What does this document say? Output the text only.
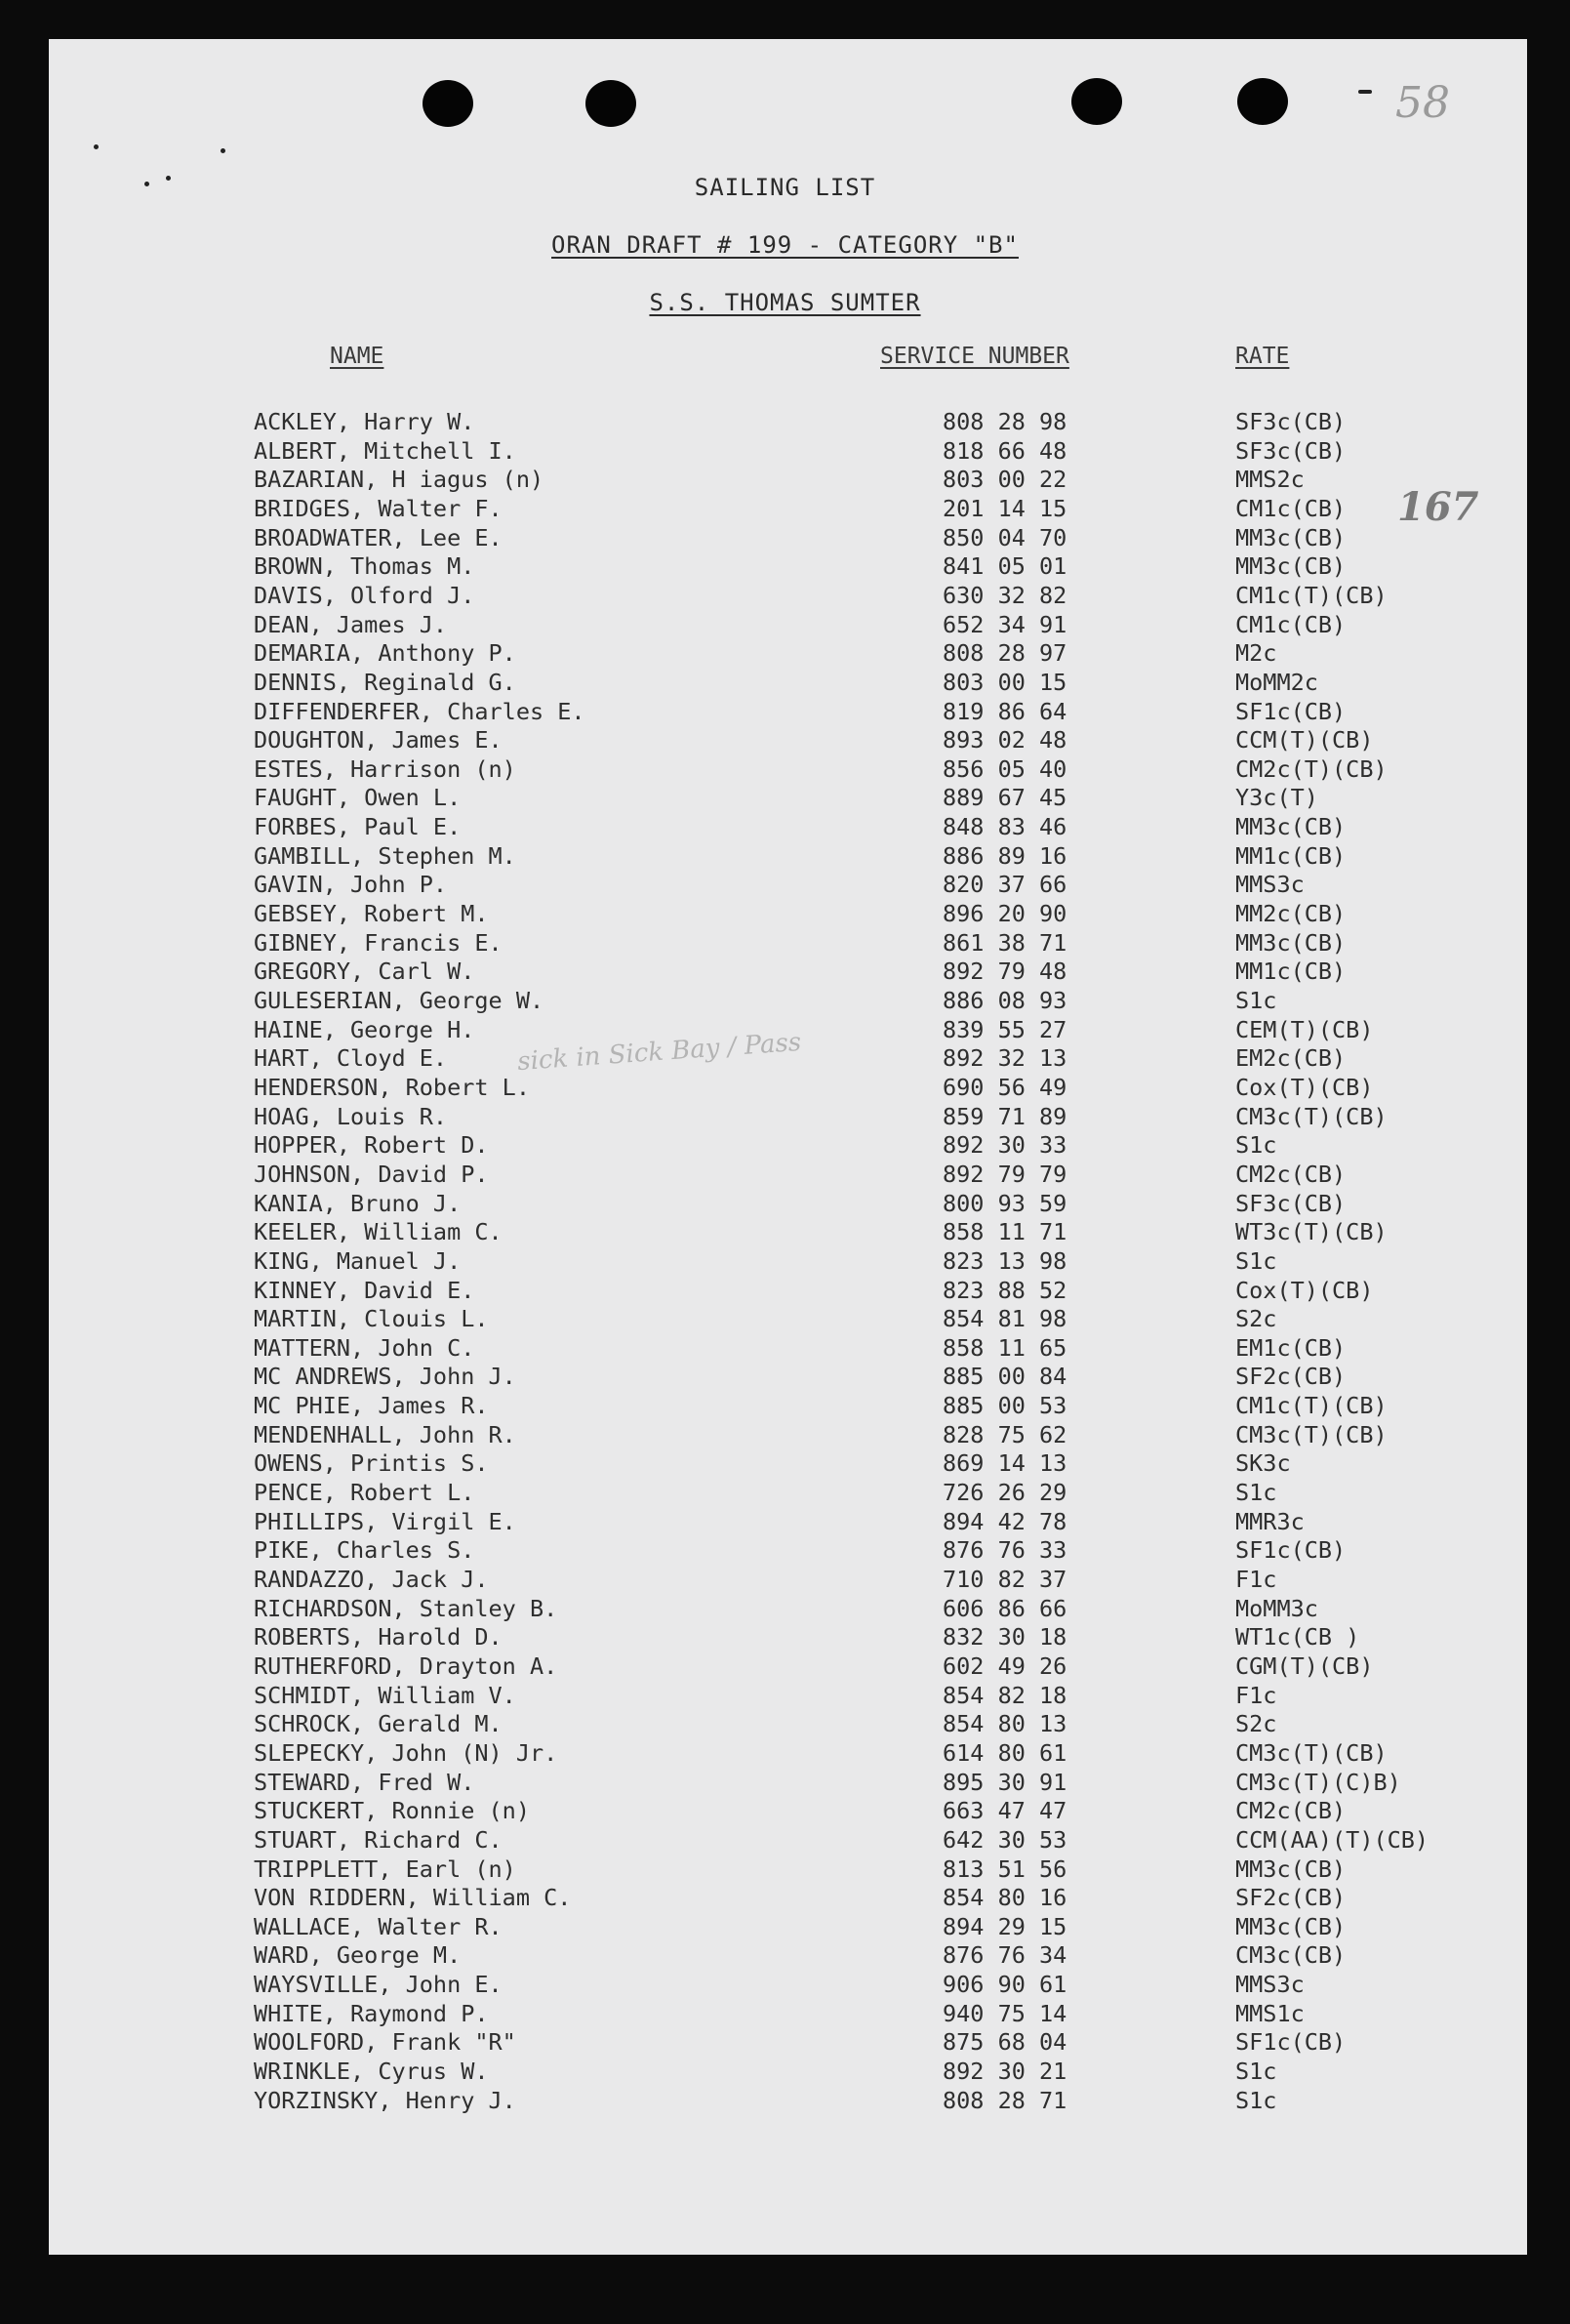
58
167
SAILING LIST
ORAN DRAFT # 199 - CATEGORY "B"
S.S. THOMAS SUMTER
NAME	SERVICE NUMBER	RATE
sick in Sick Bay / Pass
ACKLEY, Harry W.	808 28 98	SF3c(CB)
ALBERT, Mitchell I.	818 66 48	SF3c(CB)
BAZARIAN, H iagus (n)	803 00 22	MMS2c
BRIDGES, Walter F.	201 14 15	CM1c(CB)
BROADWATER, Lee E.	850 04 70	MM3c(CB)
BROWN, Thomas M.	841 05 01	MM3c(CB)
DAVIS, Olford J.	630 32 82	CM1c(T)(CB)
DEAN, James J.	652 34 91	CM1c(CB)
DEMARIA, Anthony P.	808 28 97	M2c
DENNIS, Reginald G.	803 00 15	MoMM2c
DIFFENDERFER, Charles E.	819 86 64	SF1c(CB)
DOUGHTON, James E.	893 02 48	CCM(T)(CB)
ESTES, Harrison (n)	856 05 40	CM2c(T)(CB)
FAUGHT, Owen L.	889 67 45	Y3c(T)
FORBES, Paul E.	848 83 46	MM3c(CB)
GAMBILL, Stephen M.	886 89 16	MM1c(CB)
GAVIN, John P.	820 37 66	MMS3c
GEBSEY, Robert M.	896 20 90	MM2c(CB)
GIBNEY, Francis E.	861 38 71	MM3c(CB)
GREGORY, Carl W.	892 79 48	MM1c(CB)
GULESERIAN, George W.	886 08 93	S1c
HAINE, George H.	839 55 27	CEM(T)(CB)
HART, Cloyd E.	892 32 13	EM2c(CB)
HENDERSON, Robert L.	690 56 49	Cox(T)(CB)
HOAG, Louis R.	859 71 89	CM3c(T)(CB)
HOPPER, Robert D.	892 30 33	S1c
JOHNSON, David P.	892 79 79	CM2c(CB)
KANIA, Bruno J.	800 93 59	SF3c(CB)
KEELER, William C.	858 11 71	WT3c(T)(CB)
KING, Manuel J.	823 13 98	S1c
KINNEY, David E.	823 88 52	Cox(T)(CB)
MARTIN, Clouis L.	854 81 98	S2c
MATTERN, John C.	858 11 65	EM1c(CB)
MC ANDREWS, John J.	885 00 84	SF2c(CB)
MC PHIE, James R.	885 00 53	CM1c(T)(CB)
MENDENHALL, John R.	828 75 62	CM3c(T)(CB)
OWENS, Printis S.	869 14 13	SK3c
PENCE, Robert L.	726 26 29	S1c
PHILLIPS, Virgil E.	894 42 78	MMR3c
PIKE, Charles S.	876 76 33	SF1c(CB)
RANDAZZO, Jack J.	710 82 37	F1c
RICHARDSON, Stanley B.	606 86 66	MoMM3c
ROBERTS, Harold D.	832 30 18	WT1c(CB )
RUTHERFORD, Drayton A.	602 49 26	CGM(T)(CB)
SCHMIDT, William V.	854 82 18	F1c
SCHROCK, Gerald M.	854 80 13	S2c
SLEPECKY, John (N) Jr.	614 80 61	CM3c(T)(CB)
STEWARD, Fred W.	895 30 91	CM3c(T)(C)B)
STUCKERT, Ronnie (n)	663 47 47	CM2c(CB)
STUART, Richard C.	642 30 53	CCM(AA)(T)(CB)
TRIPPLETT, Earl (n)	813 51 56	MM3c(CB)
VON RIDDERN, William C.	854 80 16	SF2c(CB)
WALLACE, Walter R.	894 29 15	MM3c(CB)
WARD, George M.	876 76 34	CM3c(CB)
WAYSVILLE, John E.	906 90 61	MMS3c
WHITE, Raymond P.	940 75 14	MMS1c
WOOLFORD, Frank "R"	875 68 04	SF1c(CB)
WRINKLE, Cyrus W.	892 30 21	S1c
YORZINSKY, Henry J.	808 28 71	S1c
